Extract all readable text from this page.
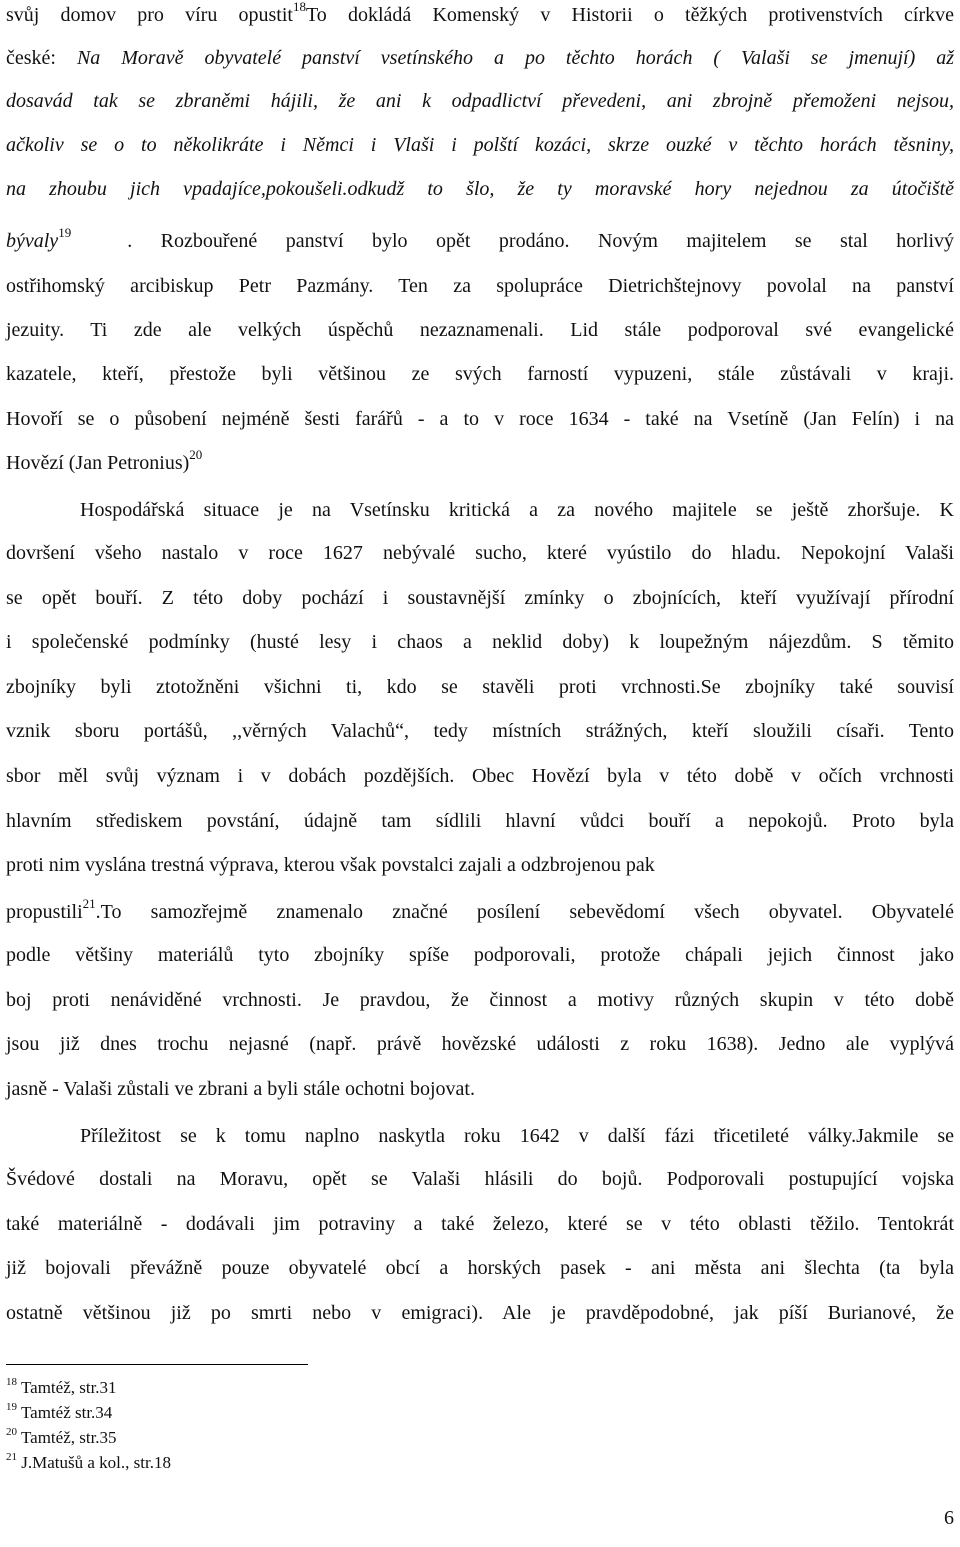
svůj domov pro víru opustit$^{18}$To dokládá Komenský v Historii o těžkých protivenstvích církve
české: Na Moravě obyvatelé panství vsetínského a po těchto horách ( Valaši se jmenují) až
dosavád tak se zbraněmi hájili, že ani k odpadlictví převedeni, ani zbrojně přemoženi nejsou,
ačkoliv se o to několikráte i Němci i Vlaši i polští kozáci, skrze ouzké v těchto horách těsniny,
na zhoubu jich vpadajíce,pokoušeli.odkudž to šlo, že ty moravské hory nejednou za útočiště
bývaly$^{19}$	. Rozbouřené panství bylo opět prodáno. Novým majitelem se stal horlivý
ostřihomský arcibiskup Petr Pazmány. Ten za spolupráce Dietrichštejnovy povolal na panství
jezuity. Ti zde ale velkých úspěchů nezaznamenali. Lid stále podporoval své evangelické
kazatele, kteří, přestože byli většinou ze svých farností vypuzeni, stále zůstávali v kraji.
Hovoří se o působení nejméně šesti farářů - a to v roce 1634 - také na Vsetíně (Jan Felín) i na
Hovězí (Jan Petronius)$^{20}$
Hospodářská situace je na Vsetínsku kritická a za nového majitele se ještě zhoršuje. K
dovršení všeho nastalo v roce 1627 nebývalé sucho, které vyústilo do hladu. Nepokojní Valaši
se opět bouří. Z této doby pochází i soustavnější zmínky o zbojnících, kteří využívají přírodní
i společenské podmínky (husté lesy i chaos a neklid doby) k loupežným nájezdům. S těmito
zbojníky byli ztotožněni všichni ti, kdo se stavěli proti vrchnosti.Se zbojníky také souvisí
vznik sboru portášů, ,,věrných Valachů“, tedy místních strážných, kteří sloužili císaři. Tento
sbor měl svůj význam i v dobách pozdějších. Obec Hovězí byla v této době v očích vrchnosti
hlavním střediskem povstání, údajně tam sídlili hlavní vůdci bouří a nepokojů. Proto byla
proti nim vyslána trestná výprava, kterou však povstalci zajali a odzbrojenou pak
propustili$^{21}$.To samozřejmě znamenalo značné posílení sebevědomí všech obyvatel. Obyvatelé
podle většiny materiálů tyto zbojníky spíše podporovali, protože chápali jejich činnost jako
boj proti nenáviděné vrchnosti. Je pravdou, že činnost a motivy různých skupin v této době
jsou již dnes trochu nejasné (např. právě hovězské události z roku 1638). Jedno ale vyplývá
jasně - Valaši zůstali ve zbrani a byli stále ochotni bojovat.
Příležitost se k tomu naplno naskytla roku 1642 v další fázi třicetileté války.Jakmile se
Švédové dostali na Moravu, opět se Valaši hlásili do bojů. Podporovali postupující vojska
také materiálně - dodávali jim potraviny a také železo, které se v této oblasti těžilo. Tentokrát
již bojovali převážně pouze obyvatelé obcí a horských pasek - ani města ani šlechta (ta byla
ostatně většinou již po smrti nebo v emigraci). Ale je pravděpodobné, jak píší Burianové, že
$^{18}$ Tamtéž, str.31
$^{19}$ Tamtéž str.34
$^{20}$ Tamtéž, str.35
$^{21}$ J.Matušů a kol., str.18
6
